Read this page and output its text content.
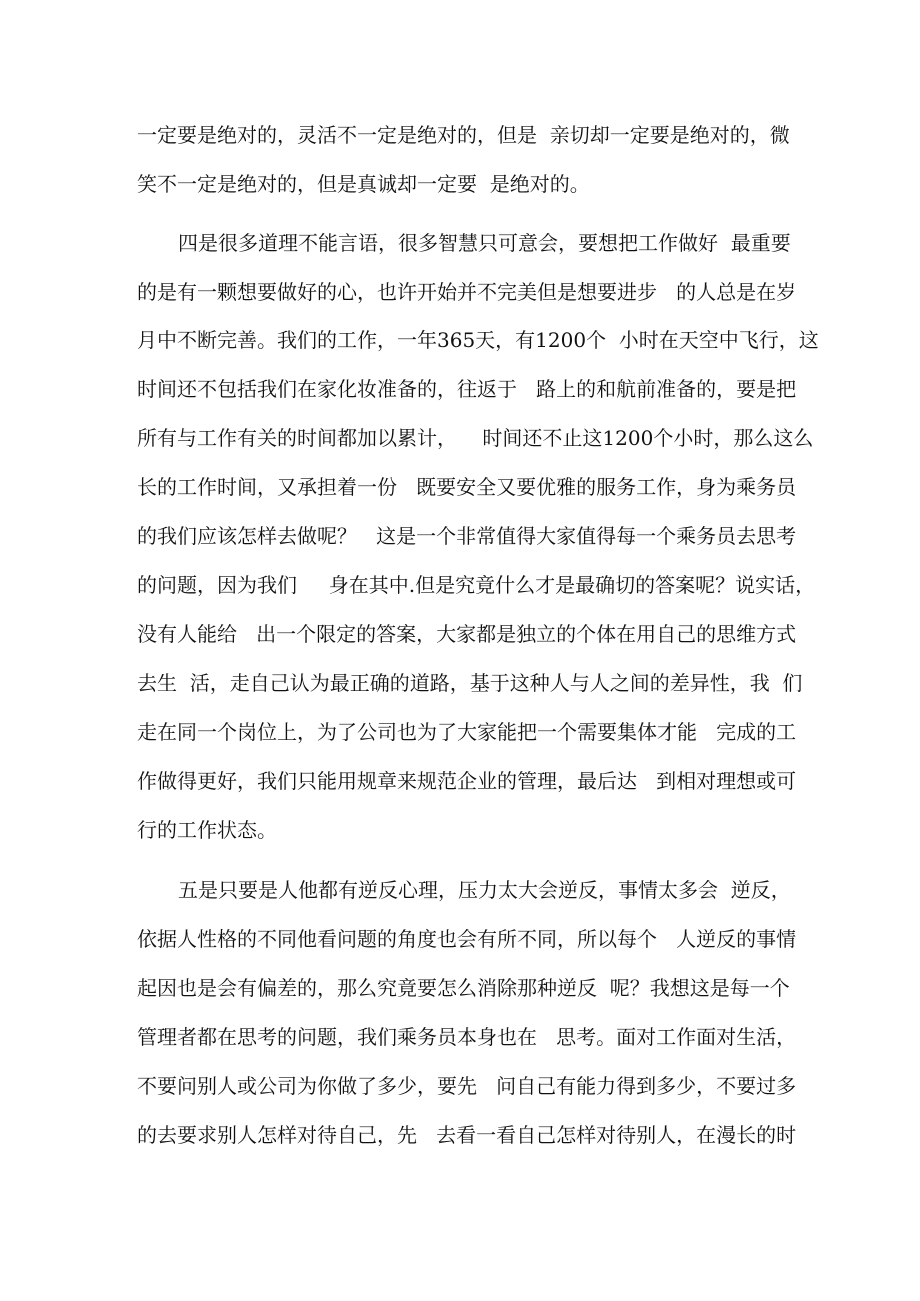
一定要是绝对的，灵活不一定是绝对的，但是  亲切却一定要是绝对的，微

笑不一定是绝对的，但是真诚却一定要  是绝对的。

四是很多道理不能言语，很多智慧只可意会，要想把工作做好  最重要

的是有一颗想要做好的心，也许开始并不完美但是想要进步   的人总是在岁

月中不断完善。我们的工作，一年365天，有1200个  小时在天空中飞行，这

时间还不包括我们在家化妆准备的，往返于   路上的和航前准备的，要是把

所有与工作有关的时间都加以累计，    时间还不止这1200个小时，那么这么

长的工作时间，又承担着一份   既要安全又要优雅的服务工作，身为乘务员

的我们应该怎样去做呢？   这是一个非常值得大家值得每一个乘务员去思考

的问题，因为我们     身在其中.但是究竟什么才是最确切的答案呢？说实话，

没有人能给   出一个限定的答案，大家都是独立的个体在用自己的思维方式

去生  活，走自己认为最正确的道路，基于这种人与人之间的差异性，我  们

走在同一个岗位上，为了公司也为了大家能把一个需要集体才能   完成的工

作做得更好，我们只能用规章来规范企业的管理，最后达   到相对理想或可

行的工作状态。

五是只要是人他都有逆反心理，压力太大会逆反，事情太多会  逆反，

依据人性格的不同他看问题的角度也会有所不同，所以每个   人逆反的事情

起因也是会有偏差的，那么究竟要怎么消除那种逆反  呢？我想这是每一个

管理者都在思考的问题，我们乘务员本身也在   思考。面对工作面对生活，

不要问别人或公司为你做了多少，要先   问自己有能力得到多少，不要过多

的去要求别人怎样对待自己，先   去看一看自己怎样对待别人，在漫长的时
